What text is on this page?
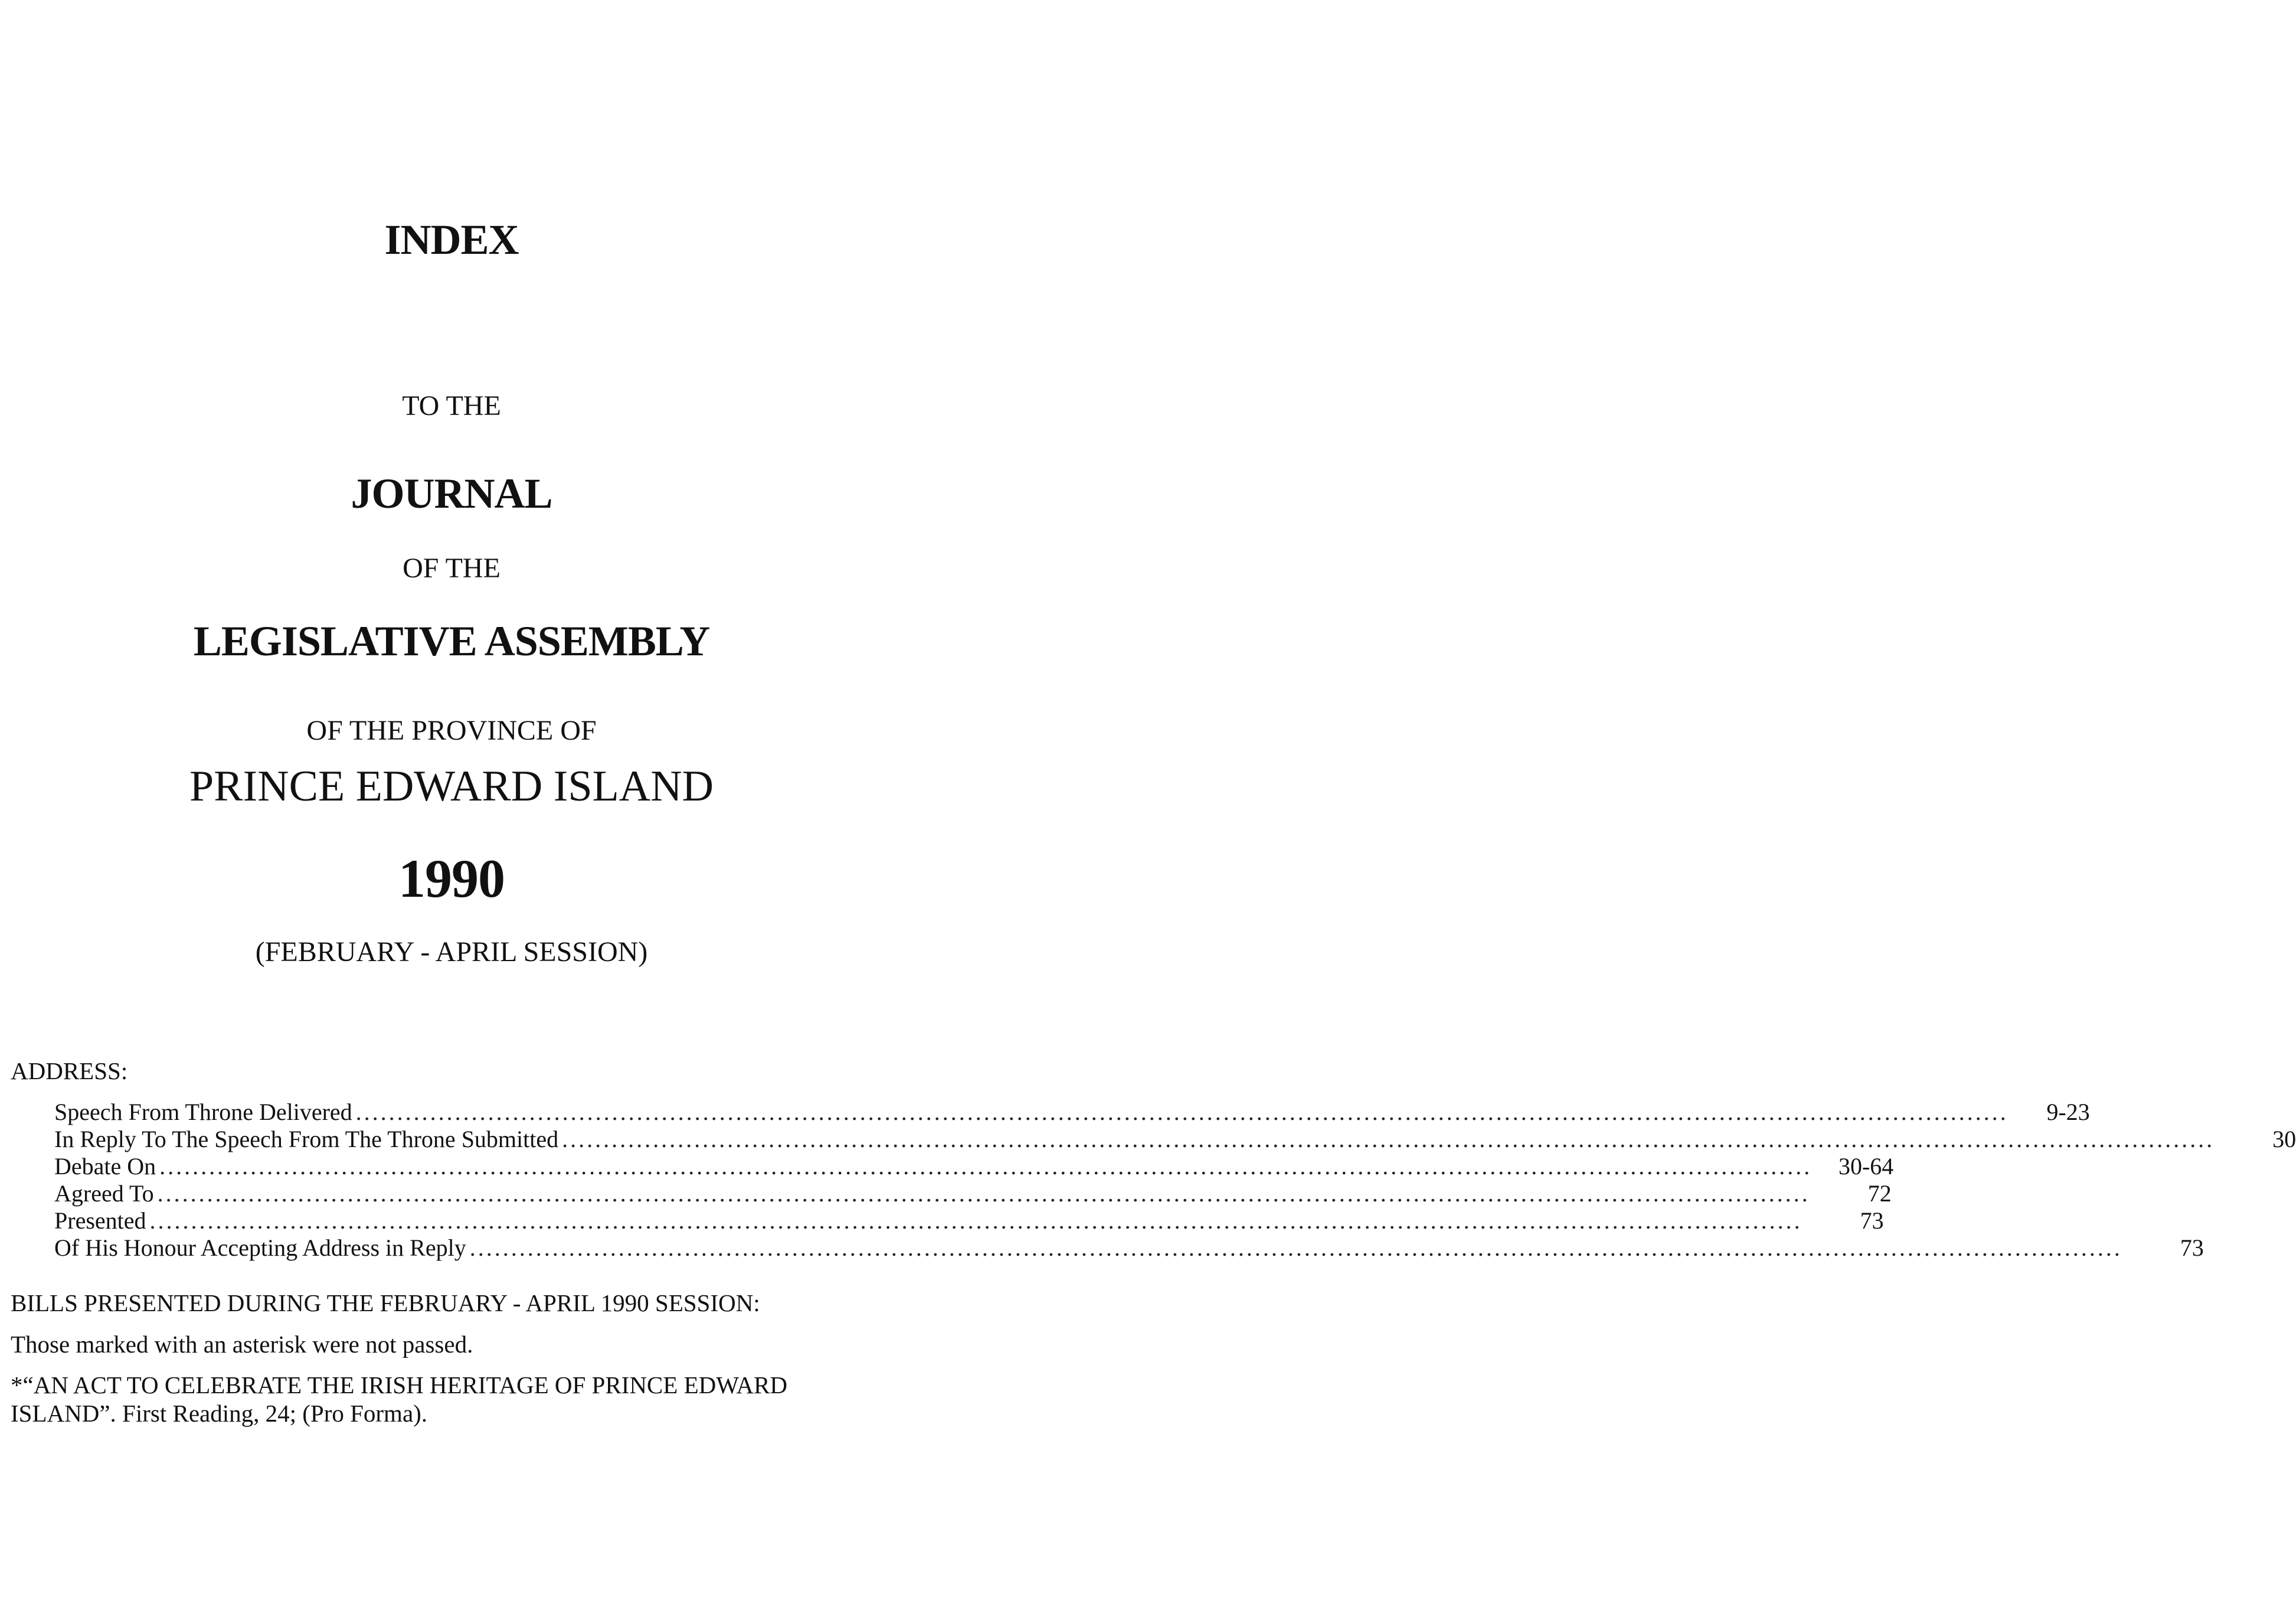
INDEX
TO THE
JOURNAL
OF THE
LEGISLATIVE ASSEMBLY
OF THE PROVINCE OF
PRINCE EDWARD ISLAND
1990
(FEBRUARY - APRIL SESSION)
ADDRESS:
Speech From Throne Delivered ........................................................................................................................................................................................................	9-23
In Reply To The Speech From The Throne Submitted ........................................................................................................................................................................................................	30
Debate On ........................................................................................................................................................................................................	30-64
Agreed To ........................................................................................................................................................................................................	72
Presented ........................................................................................................................................................................................................	73
Of His Honour Accepting Address in Reply ........................................................................................................................................................................................................	73
BILLS PRESENTED DURING THE FEBRUARY - APRIL 1990 SESSION:
Those marked with an asterisk were not passed.
*“AN ACT TO CELEBRATE THE IRISH HERITAGE OF PRINCE EDWARD
ISLAND”. First Reading, 24; (Pro Forma).
